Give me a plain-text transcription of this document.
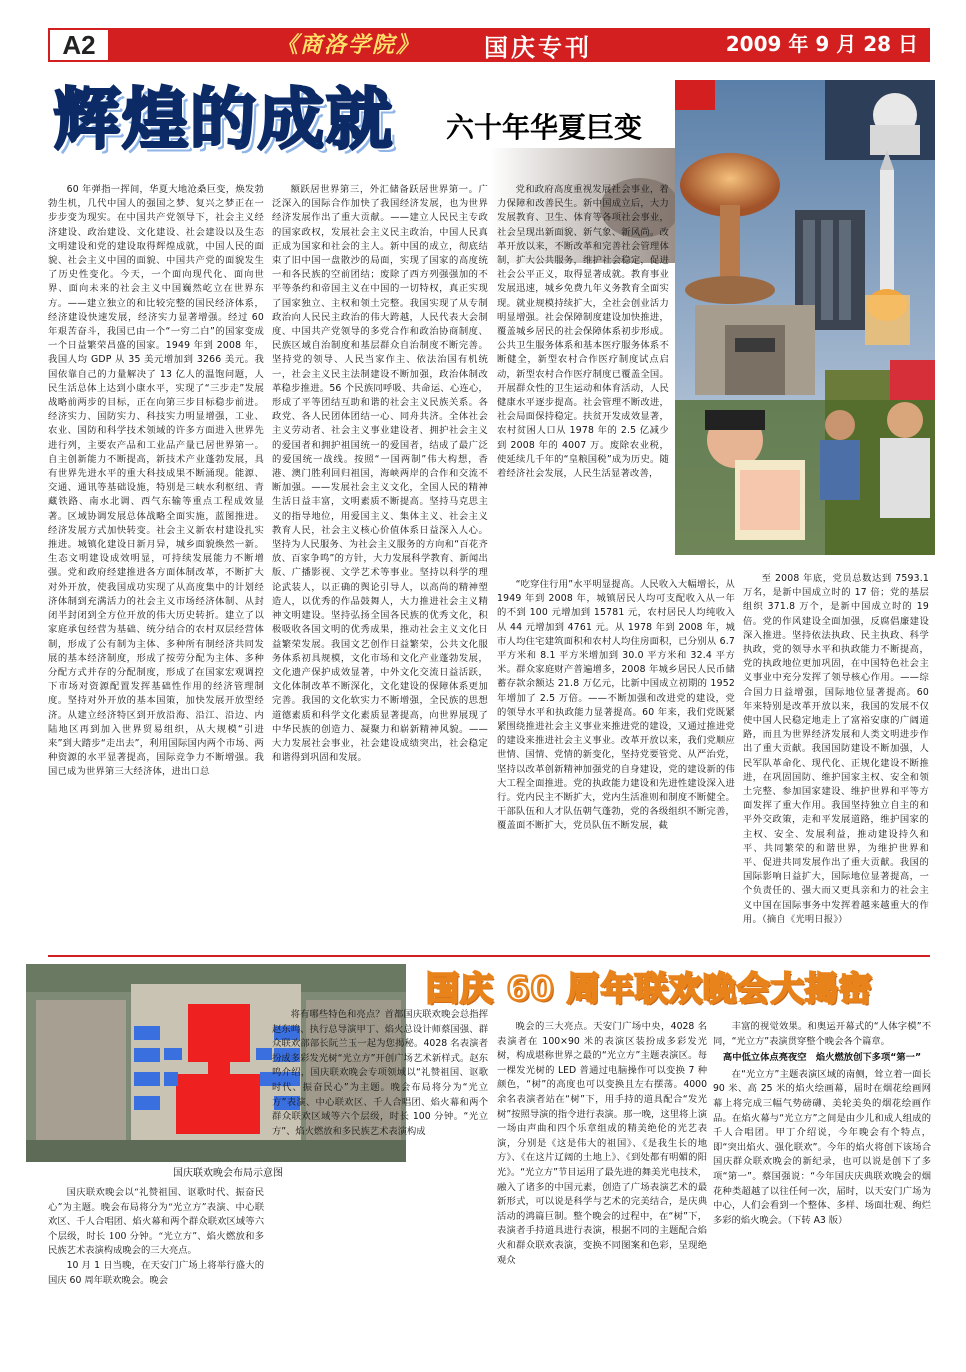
A2	《商洛学院》	国庆专刊	2009 年 9 月 28 日
辉煌的成就 六十年华夏巨变

60 年弹指一挥间，华夏大地沧桑巨变，焕发勃勃生机，几代中国人的强国之梦、复兴之梦正在一步步变为现实。在中国共产党领导下，社会主义经济建设、政治建设、文化建设、社会建设以及生态文明建设和党的建设取得辉煌成就，中国人民的面貌、社会主义中国的面貌、中国共产党的面貌发生了历史性变化。今天，一个面向现代化、面向世界、面向未来的社会主义中国巍然屹立在世界东方。——建立独立的和比较完整的国民经济体系，经济建设快速发展，经济实力显著增强。经过 60 年艰苦奋斗，我国已由一个“一穷二白”的国家变成一个日益繁荣昌盛的国家。1949 年到 2008 年，我国人均 GDP 从 35 美元增加到 3266 美元。我国依靠自己的力量解决了 13 亿人的温饱问题，人民生活总体上达到小康水平，实现了“三步走”发展战略前两步的目标，正在向第三步目标稳步前进。经济实力、国防实力、科技实力明显增强，工业、农业、国防和科学技术领域的许多方面进入世界先进行列，主要农产品和工业品产量已居世界第一。自主创新能力不断提高，新技术产业蓬勃发展，具有世界先进水平的重大科技成果不断涌现。能源、交通、通讯等基础设施，特别是三峡水利枢纽、青藏铁路、南水北调、西气东输等重点工程成效显著。区域协调发展总体战略全面实施，蓝图推进。经济发展方式加快转变。社会主义新农村建设扎实推进。城镇化建设日新月异，城乡面貌焕然一新。生态文明建设成效明显，可持续发展能力不断增强。党和政府经建推进各方面体制改革，不断扩大对外开放，使我国成功实现了从高度集中的计划经济体制到充满活力的社会主义市场经济体制、从封闭半封闭到全方位开放的伟大历史转折。建立了以家庭承包经营为基础、统分结合的农村双层经营体制，形成了公有制为主体、多种所有制经济共同发展的基本经济制度，形成了按劳分配为主体、多种分配方式并存的分配制度，形成了在国家宏观调控下市场对资源配置发挥基础性作用的经济管理制度。坚持对外开放的基本国策，加快发展开放型经济。从建立经济特区到开放沿海、沿江、沿边、内陆地区再到加入世界贸易组织，从大规模“引进来”到大踏步“走出去”，利用国际国内两个市场、两种资源的水平显著提高，国际竞争力不断增强。我国已成为世界第三大经济体，进出口总

额跃居世界第三，外汇储备跃居世界第一。广泛深入的国际合作加快了我国经济发展，也为世界经济发展作出了重大贡献。——建立人民民主专政的国家政权，发展社会主义民主政治，中国人民真正成为国家和社会的主人。新中国的成立，彻底结束了旧中国一盘散沙的局面，实现了国家的高度统一和各民族的空前团结；废除了西方列强强加的不平等条约和帝国主义在中国的一切特权，真正实现了国家独立、主权和领土完整。我国实现了从专制政治向人民民主政治的伟大跨越，人民代表大会制度、中国共产党领导的多党合作和政治协商制度、民族区域自治制度和基层群众自治制度不断完善。坚持党的领导、人民当家作主、依法治国有机统一，社会主义民主法制建设不断加强，政治体制改革稳步推进。56 个民族同呼吸、共命运、心连心，形成了平等团结互助和谐的社会主义民族关系。各政党、各人民团体团结一心、同舟共济。全体社会主义劳动者、社会主义事业建设者、拥护社会主义的爱国者和拥护祖国统一的爱国者，结成了最广泛的爱国统一战线。按照“一国两制”伟大构想，香港、澳门胜利回归祖国，海峡两岸的合作和交流不断加强。——发展社会主义文化，全国人民的精神生活日益丰富，文明素质不断提高。坚持马克思主义的指导地位，用爱国主义、集体主义、社会主义教育人民，社会主义核心价值体系日益深入人心。坚持为人民服务、为社会主义服务的方向和“百花齐放、百家争鸣”的方针，大力发展科学教育、新闻出版、广播影视、文学艺术等事业。坚持以科学的理论武装人，以正确的舆论引导人，以高尚的精神塑造人，以优秀的作品鼓舞人，大力推进社会主义精神文明建设。坚持弘扬全国各民族的优秀文化，积极吸收各国文明的优秀成果，推动社会主义文化日益繁荣发展。我国文艺创作日益繁荣，公共文化服务体系初具规模，文化市场和文化产业蓬勃发展，文化遗产保护成效显著，中外文化交流日益活跃，文化体制改革不断深化，文化建设的保障体系更加完善。我国的文化软实力不断增强，全民族的思想道德素质和科学文化素质显著提高，向世界展现了中华民族的创造力、凝聚力和崭新精神风貌。——大力发展社会事业，社会建设成绩突出，社会稳定和谐得到巩固和发展。

党和政府高度重视发展社会事业，着力保障和改善民生。新中国成立后，大力发展教育、卫生、体育等各项社会事业，社会呈现出新面貌、新气象、新风尚。改革开放以来，不断改革和完善社会管理体制，扩大公共服务，维护社会稳定，促进社会公平正义，取得显著成就。教育事业发展迅速，城乡免费九年义务教育全面实现。就业规模持续扩大，全社会创业活力明显增强。社会保障制度建设加快推进，覆盖城乡居民的社会保障体系初步形成。公共卫生服务体系和基本医疗服务体系不断健全，新型农村合作医疗制度试点启动，新型农村合作医疗制度已覆盖全国。开展群众性的卫生运动和体育活动，人民健康水平逐步提高。社会管理不断改进，社会局面保持稳定。扶贫开发成效显著，农村贫困人口从 1978 年的 2.5 亿减少到 2008 年的 4007 万。废除农业税，使延续几千年的“皇粮国税”成为历史。随着经济社会发展，人民生活显著改善，

“吃穿住行用”水平明显提高。人民收入大幅增长，从 1949 年到 2008 年，城镇居民人均可支配收入从一年的不到 100 元增加到 15781 元，农村居民人均纯收入从 44 元增加到 4761 元。从 1978 年到 2008 年，城市人均住宅建筑面积和农村人均住房面积，已分别从 6.7 平方米和 8.1 平方米增加到 30.0 平方米和 32.4 平方米。群众家庭财产普遍增多，2008 年城乡居民人民币储蓄存款余额达 21.8 万亿元，比新中国成立初期的 1952 年增加了 2.5 万倍。——不断加强和改进党的建设，党的领导水平和执政能力显著提高。60 年来，我们党既紧紧围绕推进社会主义事业来推进党的建设，又通过推进党的建设来推进社会主义事业。改革开放以来，我们党顺应世情、国情、党情的新变化，坚持党要管党、从严治党，坚持以改革创新精神加强党的自身建设，党的建设新的伟大工程全面推进。党的执政能力建设和先进性建设深入进行。党内民主不断扩大，党内生活准则和制度不断健全。干部队伍和人才队伍朝气蓬勃，党的各级组织不断完善，覆盖面不断扩大，党员队伍不断发展，截

至 2008 年底，党员总数达到 7593.1 万名，是新中国成立时的 17 倍；党的基层组织 371.8 万个，是新中国成立时的 19 倍。党的作风建设全面加强，反腐倡廉建设深入推进。坚持依法执政、民主执政、科学执政，党的领导水平和执政能力不断提高，党的执政地位更加巩固，在中国特色社会主义事业中充分发挥了领导核心作用。——综合国力日益增强，国际地位显著提高。60 年来特别是改革开放以来，我国的发展不仅使中国人民稳定地走上了富裕安康的广阔道路，而且为世界经济发展和人类文明进步作出了重大贡献。我国国防建设不断加强，人民军队革命化、现代化、正规化建设不断推进，在巩固国防、维护国家主权、安全和领土完整、参加国家建设、维护世界和平等方面发挥了重大作用。我国坚持独立自主的和平外交政策，走和平发展道路，维护国家的主权、安全、发展利益，推动建设持久和平、共同繁荣的和谐世界，为维护世界和平、促进共同发展作出了重大贡献。我国的国际影响日益扩大，国际地位显著提高，一个负责任的、强大而又更具亲和力的社会主义中国在国际事务中发挥着越来越重大的作用。（摘自《光明日报》）

国庆联欢晚会布局示意图
国庆 60 周年联欢晚会大揭密

国庆联欢晚会以“礼赞祖国、讴歌时代、振奋民心”为主题。晚会布局将分为“光立方”表演、中心联欢区、千人合唱团、焰火幕和两个群众联欢区域等六个层级，时长 100 分钟。“光立方”、焰火燃放和多民族艺术表演构成晚会的三大亮点。

10 月 1 日当晚，在天安门广场上将举行盛大的国庆 60 周年联欢晚会。晚会

将有哪些特色和亮点？首都国庆联欢晚会总指挥赵东鸣、执行总导演甲丁、焰火总设计师蔡国强、群众联欢部部长阮兰玉一起为您揭秘。4028 名表演者扮成多彩发光树“光立方”开创广场艺术新样式。赵东鸣介绍，国庆联欢晚会专项领域以“礼赞祖国、讴歌时代、振奋民心”为主题。晚会布局将分为“光立方”表演、中心联欢区、千人合唱团、焰火幕和两个群众联欢区域等六个层级，时长 100 分钟。“光立方”、焰火燃放和多民族艺术表演构成

晚会的三大亮点。天安门广场中央，4028 名表演者在 100×90 米的表演区装扮成多彩发光树，构成堪称世界之最的“光立方”主题表演区。每一棵发光树的 LED 普通过电脑操作可以变换 7 种颜色，“树”的高度也可以变换且左右摆荡。4000 余名表演者站在“树”下，用手持的道具配合“发光树”按照导演的指令进行表演。那一晚，这里将上演一场由声曲和四个乐章组成的精美绝伦的光艺表演，分别是《这是伟大的祖国》、《是我生长的地方》、《在这片辽阔的土地上》、《到处都有明媚的阳光》。“光立方”节目运用了最先进的舞美光电技术，融入了诸多的中国元素，创造了广场表演艺术的最新形式，可以说是科学与艺术的完美结合，是庆典活动的鸿篇巨制。整个晚会的过程中，在“树”下，表演者手持道具进行表演，根据不同的主题配合焰火和群众联欢表演，变换不同图案和色彩，呈现绝观众

丰富的视觉效果。和奥运开幕式的“人体字模”不同，“光立方”表演贯穿整个晚会各个篇章。

高中低立体点亮夜空　焰火燃放创下多项“第一”

在“光立方”主题表演区域的南侧，耸立着一面长 90 米、高 25 米的焰火绘画幕，届时在烟花绘画网幕上将完成三幅气势磅礴、美轮美奂的烟花绘画作品。在焰火幕与“光立方”之间是由少儿和成人组成的千人合唱团。甲丁介绍说，今年晚会有个特点，即“突出焰火、强化联欢”。今年的焰火将创下该场合国庆群众联欢晚会的新纪录，也可以说是创下了多项“第一”。蔡国强说：“今年国庆庆典联欢晚会的烟花种类超越了以往任何一次，届时，以天安门广场为中心，人们会看到一个整体、多样、场面壮观、绚烂多彩的焰火晚会。（下转 A3 版）
